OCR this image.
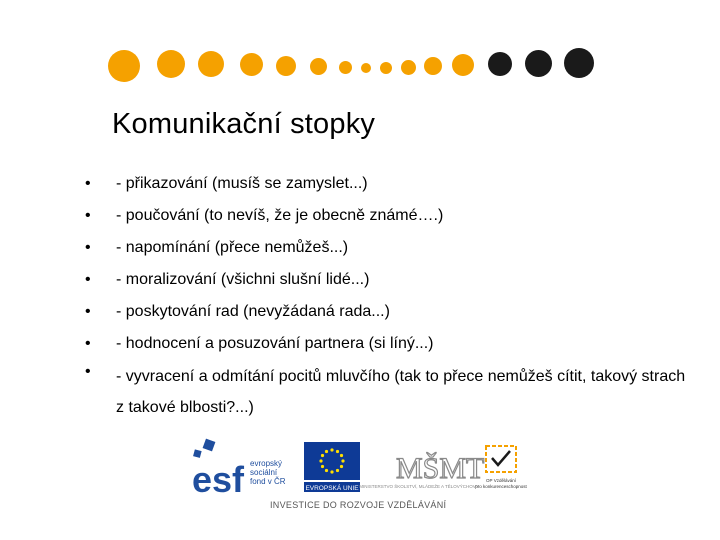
Komunikační stopky
• - přikazování (musíš se zamyslet...)
• - poučování (to nevíš, že je obecně známé….)
• - napomínání (přece nemůžeš...)
• - moralizování (všichni slušní lidé...)
• - poskytování rad (nevyžádaná rada...)
• - hodnocení a posuzování partnera (si líný...)
• - vyvracení a odmítání pocitů mluvčího (tak to přece nemůžeš cítit, takový strach z takové blbosti?...)
esf evropský sociální fond v ČR
EVROPSKÁ UNIE
MŠMT
MINISTERSTVO ŠKOLSTVÍ, MLÁDEŽE A TĚLOVÝCHOVY
OP Vzdělávání pro konkurenceschopnost
INVESTICE DO ROZVOJE VZDĚLÁVÁNÍ
